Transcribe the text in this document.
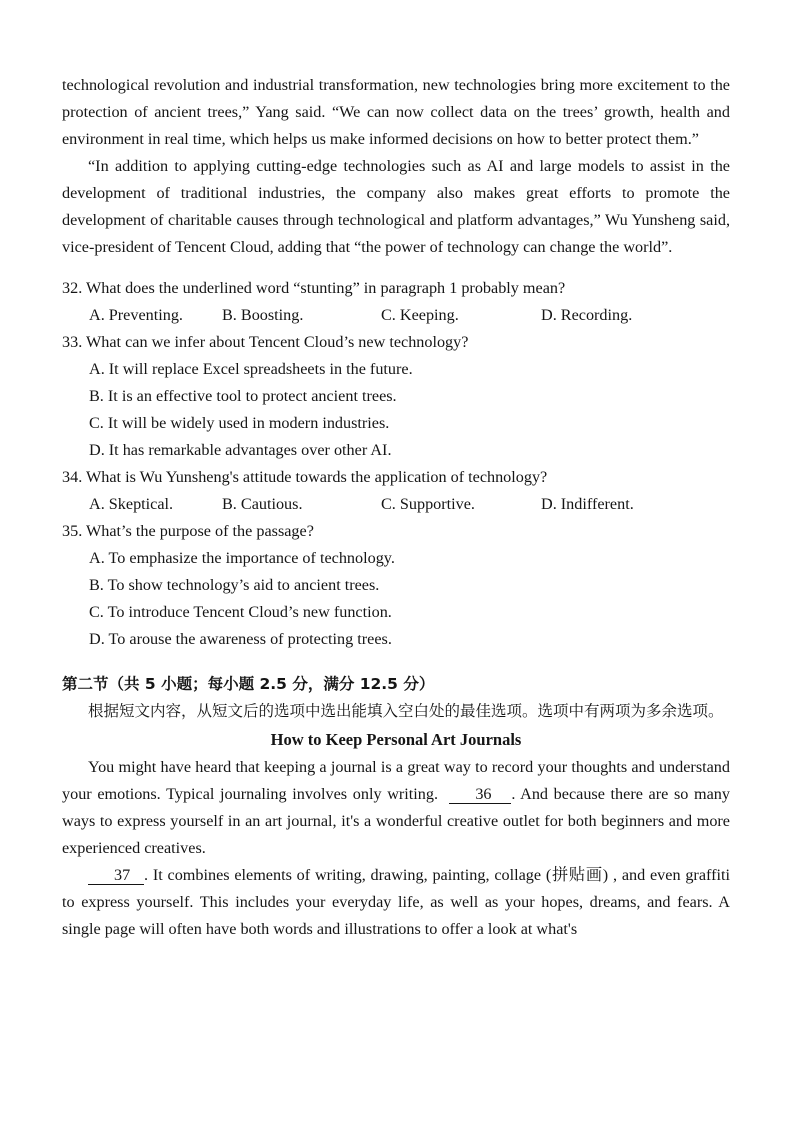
technological revolution and industrial transformation, new technologies bring more excitement to the protection of ancient trees,” Yang said. “We can now collect data on the trees’ growth, health and environment in real time, which helps us make informed decisions on how to better protect them.”

“In addition to applying cutting-edge technologies such as AI and large models to assist in the development of traditional industries, the company also makes great efforts to promote the development of charitable causes through technological and platform advantages,” Wu Yunsheng said, vice-president of Tencent Cloud, adding that “the power of technology can change the world”.

32. What does the underlined word “stunting” in paragraph 1 probably mean?
A. Preventing.	B. Boosting.	C. Keeping.	D. Recording.
33. What can we infer about Tencent Cloud’s new technology?
A. It will replace Excel spreadsheets in the future.
B. It is an effective tool to protect ancient trees.
C. It will be widely used in modern industries.
D. It has remarkable advantages over other AI.
34. What is Wu Yunsheng's attitude towards the application of technology?
A. Skeptical.	B. Cautious.	C. Supportive.	D. Indifferent.
35. What’s the purpose of the passage?
A. To emphasize the importance of technology.
B. To show technology’s aid to ancient trees.
C. To introduce Tencent Cloud’s new function.
D. To arouse the awareness of protecting trees.
第二节（共 5 小题；每小题 2.5 分，满分 12.5 分）

根据短文内容，从短文后的选项中选出能填入空白处的最佳选项。选项中有两项为多余选项。

How to Keep Personal Art Journals

You might have heard that keeping a journal is a great way to record your thoughts and understand your emotions. Typical journaling involves only writing. 36 . And because there are so many ways to express yourself in an art journal, it's a wonderful creative outlet for both beginners and more experienced creatives.

37 . It combines elements of writing, drawing, painting, collage (拼贴画) , and even graffiti to express yourself. This includes your everyday life, as well as your hopes, dreams, and fears. A single page will often have both words and illustrations to offer a look at what's
